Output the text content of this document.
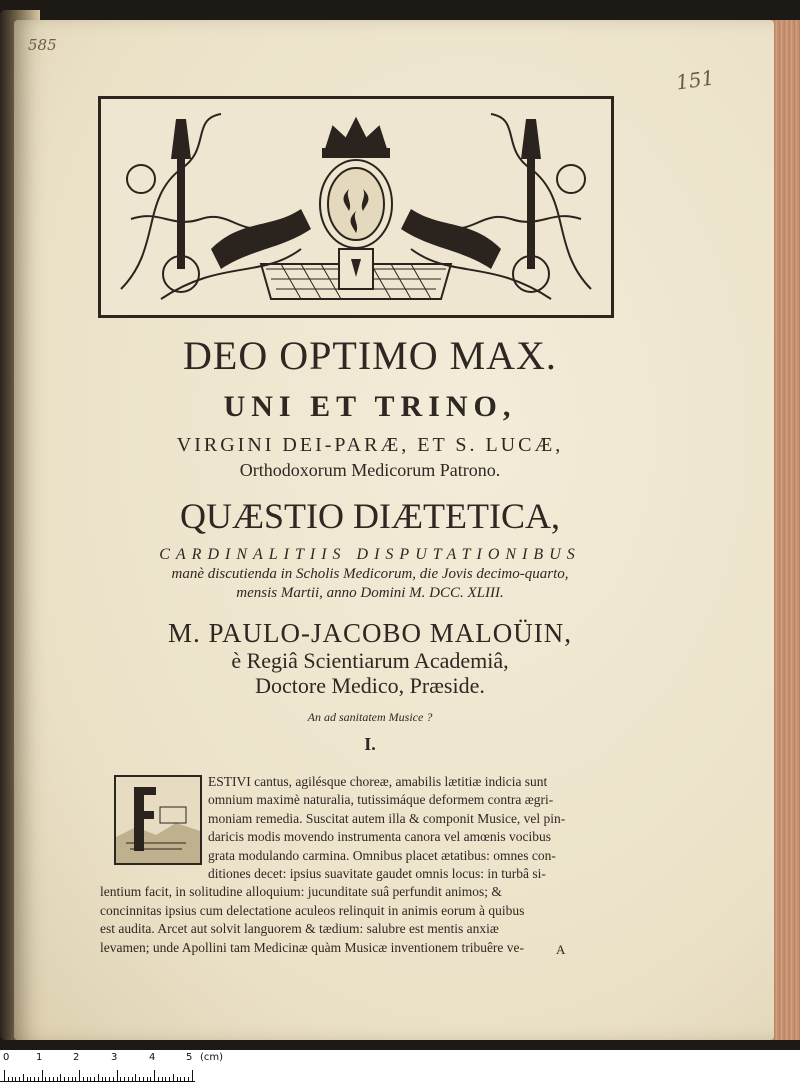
585
151
DEO OPTIMO MAX.
UNI ET TRINO,
VIRGINI DEI-PARÆ, ET S. LUCÆ,
Orthodoxorum Medicorum Patrono.
QUÆSTIO DIÆTETICA,
CARDINALITIIS DISPUTATIONIBUS
manè discutienda in Scholis Medicorum, die Jovis decimo-quarto,
mensis Martii, anno Domini M. DCC. XLIII.
M. PAULO-JACOBO MALOÜIN,
è Regiâ Scientiarum Academiâ,
Doctore Medico, Præside.
An ad sanitatem Musice ?
I.
ESTIVI cantus, agilésque choreæ, amabilis lætitiæ indicia sunt
omnium maximè naturalia, tutissimáque deformem contra ægri-
moniam remedia. Suscitat autem illa & componit Musice, vel pin-
daricis modis movendo instrumenta canora vel amœnis vocibus
grata modulando carmina. Omnibus placet ætatibus: omnes con-
ditiones decet: ipsius suavitate gaudet omnis locus: in turbâ si-
lentium facit, in solitudine alloquium: jucunditate suâ perfundit animos; &
concinnitas ipsius cum delectatione aculeos relinquit in animis eorum à quibus
est audita. Arcet aut solvit languorem & tædium: salubre est mentis anxiæ
levamen; unde Apollini tam Medicinæ quàm Musicæ inventionem tribuêre ve-	A
0	1	2	3	4	5 (cm)
